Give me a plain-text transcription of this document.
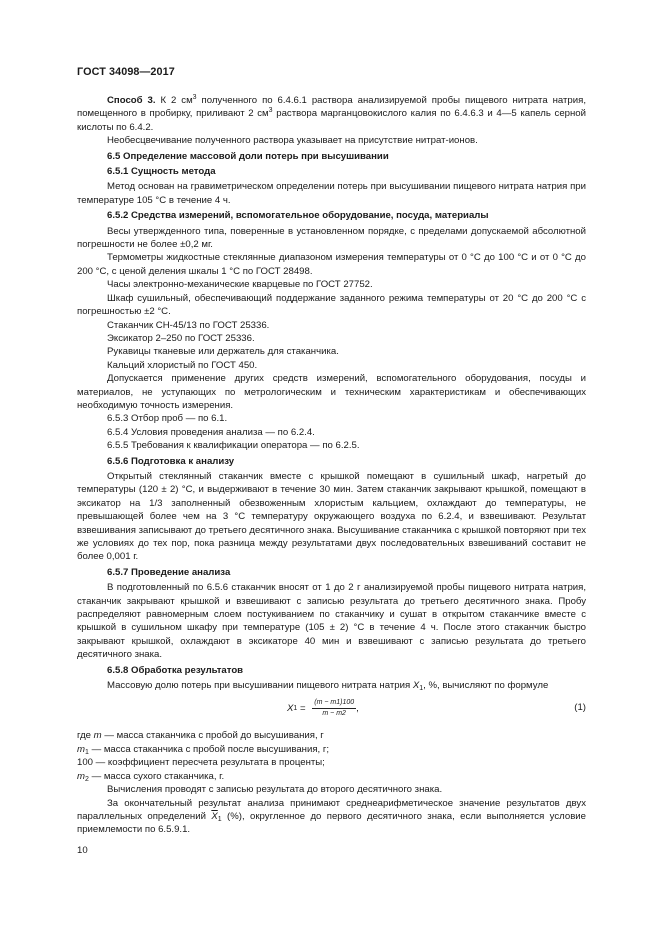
ГОСТ 34098—2017

Способ 3. К 2 $см^3$ полученного по 6.4.6.1 раствора анализируемой пробы пищевого нитрата натрия, помещенного в пробирку, приливают 2 $см^3$ раствора марганцовокислого калия по 6.4.6.3 и 4—5 капель серной кислоты по 6.4.2.

Необесцвечивание полученного раствора указывает на присутствие нитрат-ионов.

6.5 Определение массовой доли потерь при высушивании

6.5.1 Сущность метода

Метод основан на гравиметрическом определении потерь при высушивании пищевого нитрата натрия при температуре 105 °С в течение 4 ч.

6.5.2 Средства измерений, вспомогательное оборудование, посуда, материалы

Весы утвержденного типа, поверенные в установленном порядке, с пределами допускаемой абсолютной погрешности не более ±0,2 мг.

Термометры жидкостные стеклянные диапазоном измерения температуры от 0 °С до 100 °С и от 0 °С до 200 °С, с ценой деления шкалы 1 °С по ГОСТ 28498.

Часы электронно-механические кварцевые по ГОСТ 27752.

Шкаф сушильный, обеспечивающий поддержание заданного режима температуры от 20 °С до 200 °С с погрешностью ±2 °С.

Стаканчик СН-45/13 по ГОСТ 25336.

Эксикатор 2–250 по ГОСТ 25336.

Рукавицы тканевые или держатель для стаканчика.

Кальций хлористый по ГОСТ 450.

Допускается применение других средств измерений, вспомогательного оборудования, посуды и материалов, не уступающих по метрологическим и техническим характеристикам и обеспечивающих необходимую точность измерения.

6.5.3 Отбор проб — по 6.1.

6.5.4 Условия проведения анализа — по 6.2.4.

6.5.5 Требования к квалификации оператора — по 6.2.5.

6.5.6 Подготовка к анализу

Открытый стеклянный стаканчик вместе с крышкой помещают в сушильный шкаф, нагретый до температуры (120 ± 2) °С, и выдерживают в течение 30 мин. Затем стаканчик закрывают крышкой, помещают в эксикатор на 1/3 заполненный обезвоженным хлористым кальцием, охлаждают до температуры, не превышающей более чем на 3 °С температуру окружающего воздуха по 6.2.4, и взвешивают. Результат взвешивания записывают до третьего десятичного знака. Высушивание стаканчика с крышкой повторяют при тех же условиях до тех пор, пока разница между результатами двух последовательных взвешиваний составит не более 0,001 г.

6.5.7 Проведение анализа

В подготовленный по 6.5.6 стаканчик вносят от 1 до 2 г анализируемой пробы пищевого нитрата натрия, стаканчик закрывают крышкой и взвешивают с записью результата до третьего десятичного знака. Пробу распределяют равномерным слоем постукиванием по стаканчику и сушат в открытом стаканчике вместе с крышкой в сушильном шкафу при температуре (105 ± 2) °С в течение 4 ч. После этого стаканчик быстро закрывают крышкой, охлаждают в эксикаторе 40 мин и взвешивают с записью результата до третьего десятичного знака.

6.5.8 Обработка результатов

Массовую долю потерь при высушивании пищевого нитрата натрия $X_1$, %, вычисляют по формуле

X $1 = \frac{(m - m1)100}{m - m2}$ ,	(1)

где m — масса стаканчика с пробой до высушивания, г

$m_1$ — масса стаканчика с пробой после высушивания, г;

100 — коэффициент пересчета результата в проценты;

$m_2$ — масса сухого стаканчика, г.

Вычисления проводят с записью результата до второго десятичного знака.

За окончательный результат анализа принимают среднеарифметическое значение результатов двух параллельных определений $\overline{X}_1$ (%), округленное до первого десятичного знака, если выполняется условие приемлемости по 6.5.9.1.

10
